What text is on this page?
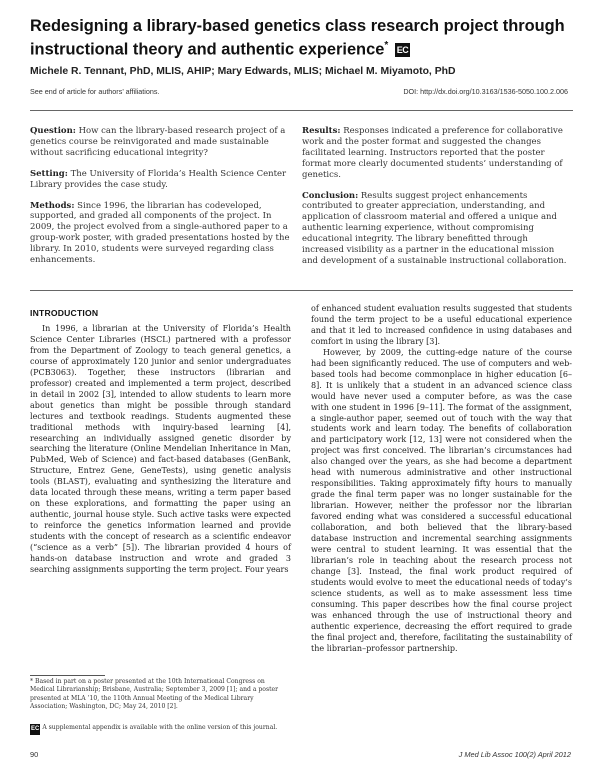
Redesigning a library-based genetics class research project through instructional theory and authentic experience* EC
Michele R. Tennant, PhD, MLIS, AHIP; Mary Edwards, MLIS; Michael M. Miyamoto, PhD
See end of article for authors’ affiliations.	DOI: http://dx.doi.org/10.3163/1536-5050.100.2.006

Question: How can the library-based research project of a genetics course be reinvigorated and made sustainable without sacrificing educational integrity?

Setting: The University of Florida’s Health Science Center Library provides the case study.

Methods: Since 1996, the librarian has codeveloped, supported, and graded all components of the project. In 2009, the project evolved from a single-authored paper to a group-work poster, with graded presentations hosted by the library. In 2010, students were surveyed regarding class enhancements.

Results: Responses indicated a preference for collaborative work and the poster format and suggested the changes facilitated learning. Instructors reported that the poster format more clearly documented students’ understanding of genetics.

Conclusion: Results suggest project enhancements contributed to greater appreciation, understanding, and application of classroom material and offered a unique and authentic learning experience, without compromising educational integrity. The library benefitted through increased visibility as a partner in the educational mission and development of a sustainable instructional collaboration.

INTRODUCTION

In 1996, a librarian at the University of Florida’s Health Science Center Libraries (HSCL) partnered with a professor from the Department of Zoology to teach general genetics, a course of approximately 120 junior and senior undergraduates (PCB3063). Together, these instructors (librarian and professor) created and implemented a term project, described in detail in 2002 [3], intended to allow students to learn more about genetics than might be possible through standard lectures and textbook readings. Students augmented these traditional methods with inquiry-based learning [4], researching an individually assigned genetic disorder by searching the literature (Online Mendelian Inheritance in Man, PubMed, Web of Science) and fact-based databases (GenBank, Structure, Entrez Gene, GeneTests), using genetic analysis tools (BLAST), evaluating and synthesizing the literature and data located through these means, writing a term paper based on these explorations, and formatting the paper using an authentic, journal house style. Such active tasks were expected to reinforce the genetics information learned and provide students with the concept of research as a scientific endeavor (“science as a verb” [5]). The librarian provided 4 hours of hands-on database instruction and wrote and graded 3 searching assignments supporting the term project. Four years

of enhanced student evaluation results suggested that students found the term project to be a useful educational experience and that it led to increased confidence in using databases and comfort in using the library [3].

However, by 2009, the cutting-edge nature of the course had been significantly reduced. The use of computers and web-based tools had become commonplace in higher education [6–8]. It is unlikely that a student in an advanced science class would have never used a computer before, as was the case with one student in 1996 [9–11]. The format of the assignment, a single-author paper, seemed out of touch with the way that students work and learn today. The benefits of collaboration and participatory work [12, 13] were not considered when the project was first conceived. The librarian’s circumstances had also changed over the years, as she had become a department head with numerous administrative and other instructional responsibilities. Taking approximately fifty hours to manually grade the final term paper was no longer sustainable for the librarian. However, neither the professor nor the librarian favored ending what was considered a successful educational collaboration, and both believed that the library-based database instruction and incremental searching assignments were central to student learning. It was essential that the librarian’s role in teaching about the research process not change [3]. Instead, the final work product required of students would evolve to meet the educational needs of today’s science students, as well as to make assessment less time consuming. This paper describes how the final course project was enhanced through the use of instructional theory and authentic experience, decreasing the effort required to grade the final project and, therefore, facilitating the sustainability of the librarian–professor partnership.

* Based in part on a poster presented at the 10th International Congress on Medical Librarianship; Brisbane, Australia; September 3, 2009 [1]; and a poster presented at MLA ’10, the 110th Annual Meeting of the Medical Library Association; Washington, DC; May 24, 2010 [2].
EC A supplemental appendix is available with the online version of this journal.
90	J Med Lib Assoc 100(2) April 2012
